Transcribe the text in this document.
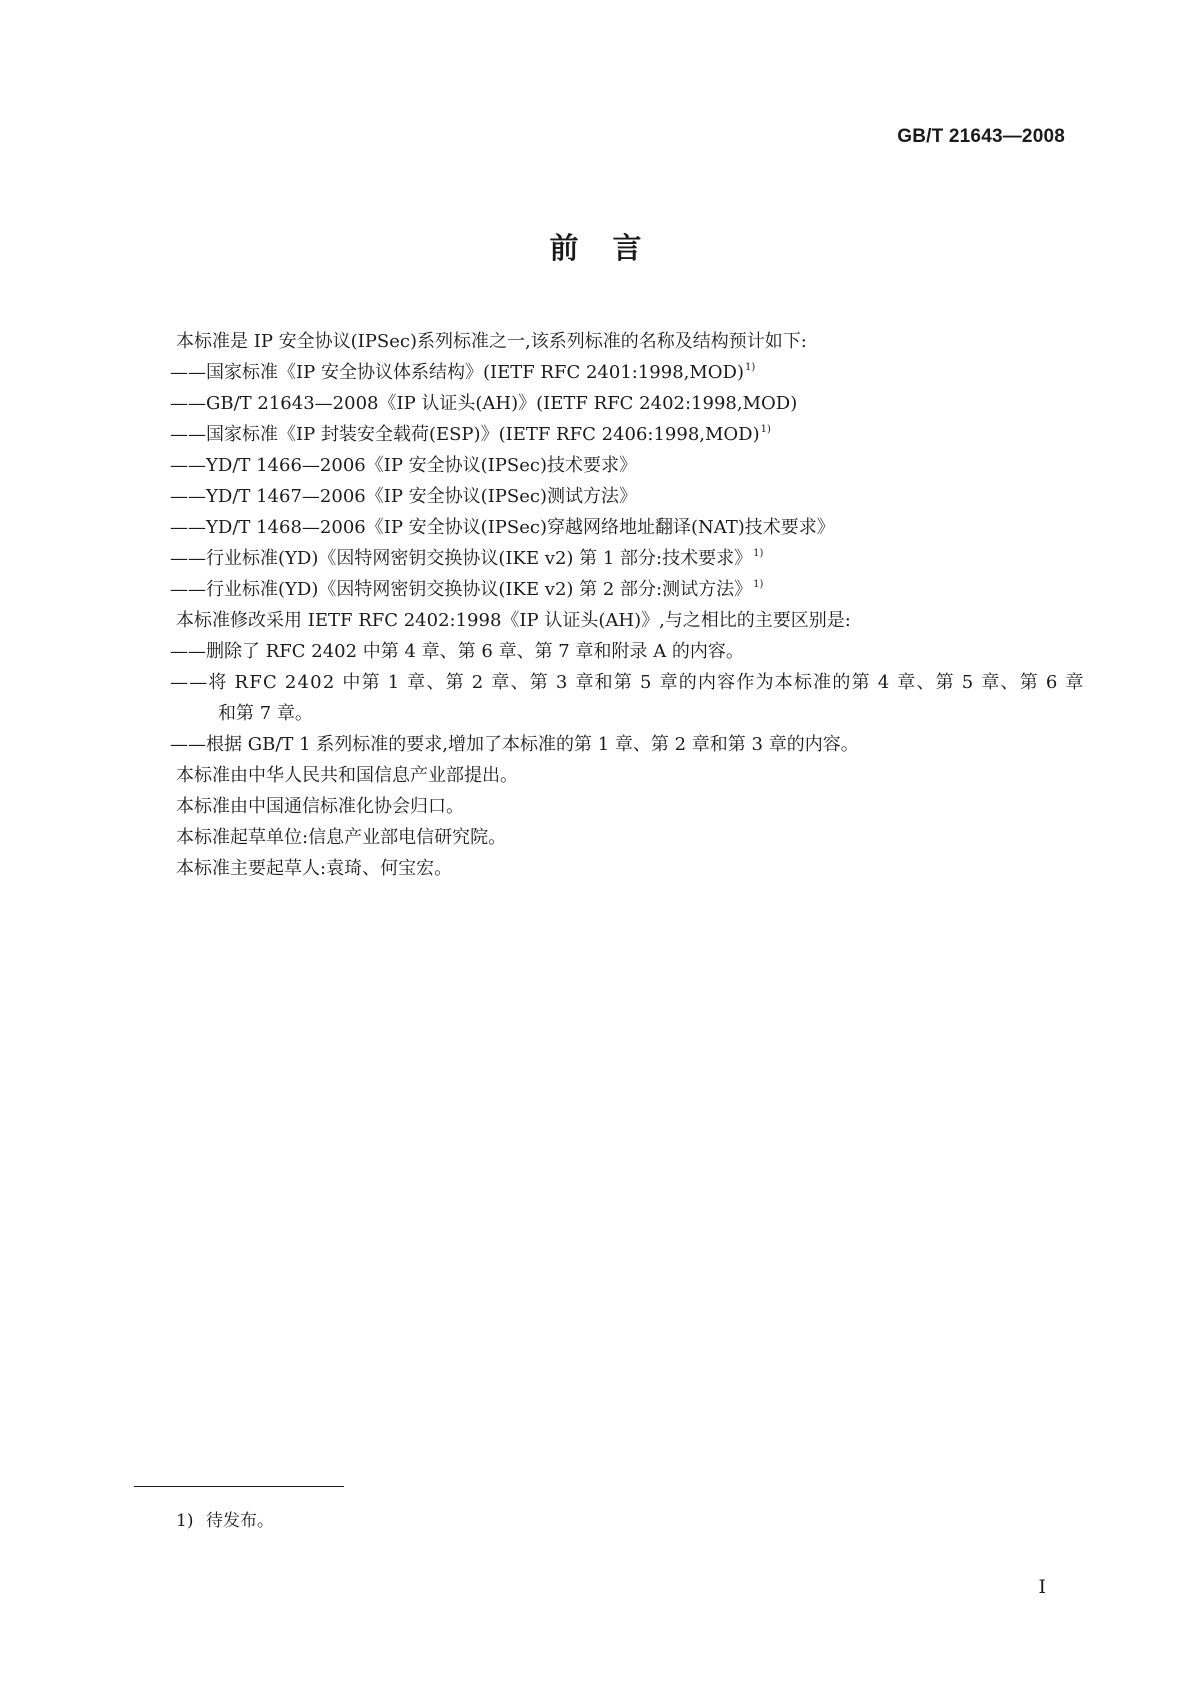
GB/T 21643—2008
前言
本标准是 IP 安全协议(IPSec)系列标准之一,该系列标准的名称及结构预计如下:
——国家标准《IP 安全协议体系结构》(IETF RFC 2401:1998,MOD)$^{1)}$
——GB/T 21643—2008《IP 认证头(AH)》(IETF RFC 2402:1998,MOD)
——国家标准《IP 封装安全载荷(ESP)》(IETF RFC 2406:1998,MOD)$^{1)}$
——YD/T 1466—2006《IP 安全协议(IPSec)技术要求》
——YD/T 1467—2006《IP 安全协议(IPSec)测试方法》
——YD/T 1468—2006《IP 安全协议(IPSec)穿越网络地址翻译(NAT)技术要求》
——行业标准(YD)《因特网密钥交换协议(IKE v2) 第 1 部分:技术要求》$^{1)}$
——行业标准(YD)《因特网密钥交换协议(IKE v2) 第 2 部分:测试方法》$^{1)}$
本标准修改采用 IETF RFC 2402:1998《IP 认证头(AH)》,与之相比的主要区别是:
——删除了 RFC 2402 中第 4 章、第 6 章、第 7 章和附录 A 的内容。
——将 RFC 2402 中第 1 章、第 2 章、第 3 章和第 5 章的内容作为本标准的第 4 章、第 5 章、第 6 章
和第 7 章。
——根据 GB/T 1 系列标准的要求,增加了本标准的第 1 章、第 2 章和第 3 章的内容。
本标准由中华人民共和国信息产业部提出。
本标准由中国通信标准化协会归口。
本标准起草单位:信息产业部电信研究院。
本标准主要起草人:袁琦、何宝宏。
1) 待发布。
I
